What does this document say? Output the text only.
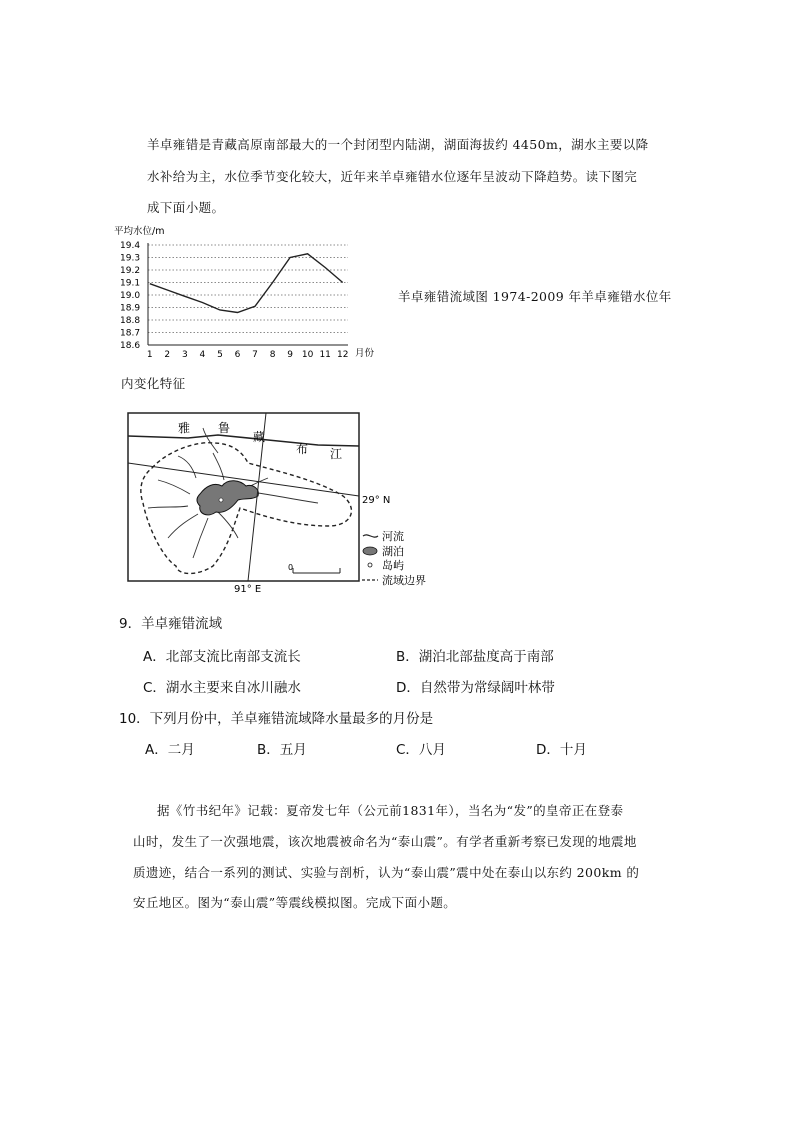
羊卓雍错是青藏高原南部最大的一个封闭型内陆湖，湖面海拔约 4450m，湖水主要以降
水补给为主，水位季节变化较大，近年来羊卓雍错水位逐年呈波动下降趋势。读下图完
成下面小题。
平均水位/m
19.4
19.3
19.2
19.1
19.0
18.9
18.8
18.7
18.6
1 2 3 4 5 6 7 8 9 10 11 12 月份
羊卓雍错流域图 1974-2009 年羊卓雍错水位年
内变化特征
雅 鲁
藏
布 江
29° N
91° E
0
河流
湖泊
岛屿
流域边界
9．羊卓雍错流域
A．北部支流比南部支流长	B．湖泊北部盐度高于南部
C．湖水主要来自冰川融水	D．自然带为常绿阔叶林带
10．下列月份中，羊卓雍错流域降水量最多的月份是
A．二月	B．五月	C．八月	D．十月
据《竹书纪年》记载：夏帝发七年（公元前1831年），当名为“发”的皇帝正在登泰
山时，发生了一次强地震，该次地震被命名为“泰山震”。有学者重新考察已发现的地震地
质遗迹，结合一系列的测试、实验与剖析，认为“泰山震”震中处在泰山以东约 200km 的
安丘地区。图为“泰山震”等震线模拟图。完成下面小题。
